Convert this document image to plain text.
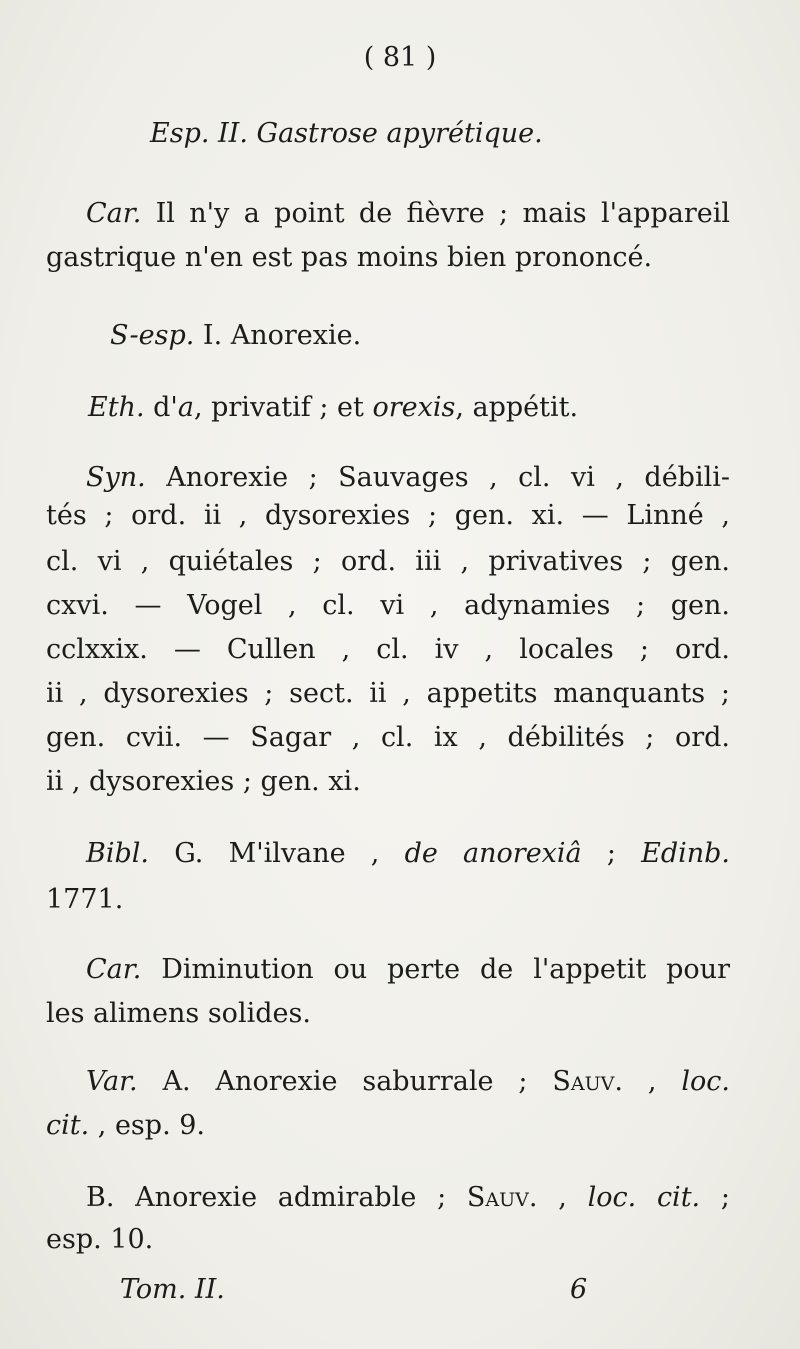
( 81 )
Esp. II. Gastrose apyrétique.
Car. Il n'y a point de fièvre ; mais l'appareil
gastrique n'en est pas moins bien prononcé.
S-esp. I. Anorexie.
Eth. d'a, privatif ; et orexis, appétit.
Syn. Anorexie ; Sauvages , cl. vi , débili-
tés ; ord. ii , dysorexies ; gen. xi. — Linné ,
cl. vi , quiétales ; ord. iii , privatives ; gen.
cxvi. — Vogel , cl. vi , adynamies ; gen.
cclxxix. — Cullen , cl. iv , locales ; ord.
ii , dysorexies ; sect. ii , appetits manquants ;
gen. cvii. — Sagar , cl. ix , débilités ; ord.
ii , dysorexies ; gen. xi.
Bibl. G. M'ilvane , de anorexiâ ; Edinb.
1771.
Car. Diminution ou perte de l'appetit pour
les alimens solides.
Var. A. Anorexie saburrale ; Sauv. , loc.
cit. , esp. 9.
B. Anorexie admirable ; Sauv. , loc. cit. ;
esp. 10.
Tom. II.	6
